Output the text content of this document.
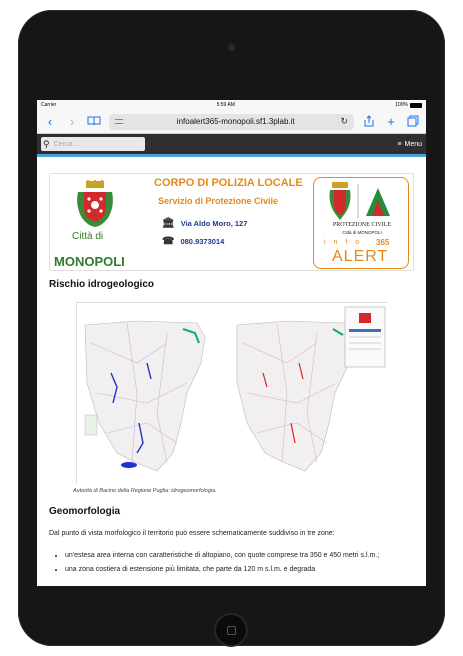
Carrier	5:59 AM	100%
‹	›	infoalert365-monopoli.sf1.3plab.it	↻	+
⚲ Cerca ...	≡ Menu
Città di
MONOPOLI
CORPO DI POLIZIA LOCALE
Servizio di Protezione Civile
🏛 Via Aldo Moro, 127
☎ 080.9373014
PROTEZIONE CIVILE
Città di MONOPOLI
i n f o 365
ALERT
Rischio idrogeologico
Autorità di Bacino della Regione Puglia: idrogeomorfologia.
Geomorfologia

Dal punto di vista morfologico il territorio può essere schematicamente suddiviso in tre zone:

• un'estesa area interna con caratteristiche di altopiano, con quote comprese tra 350 e 450 metri s.l.m.;
• una zona costiera di estensione più limitata, che parte da 120 m s.l.m. e degrada
